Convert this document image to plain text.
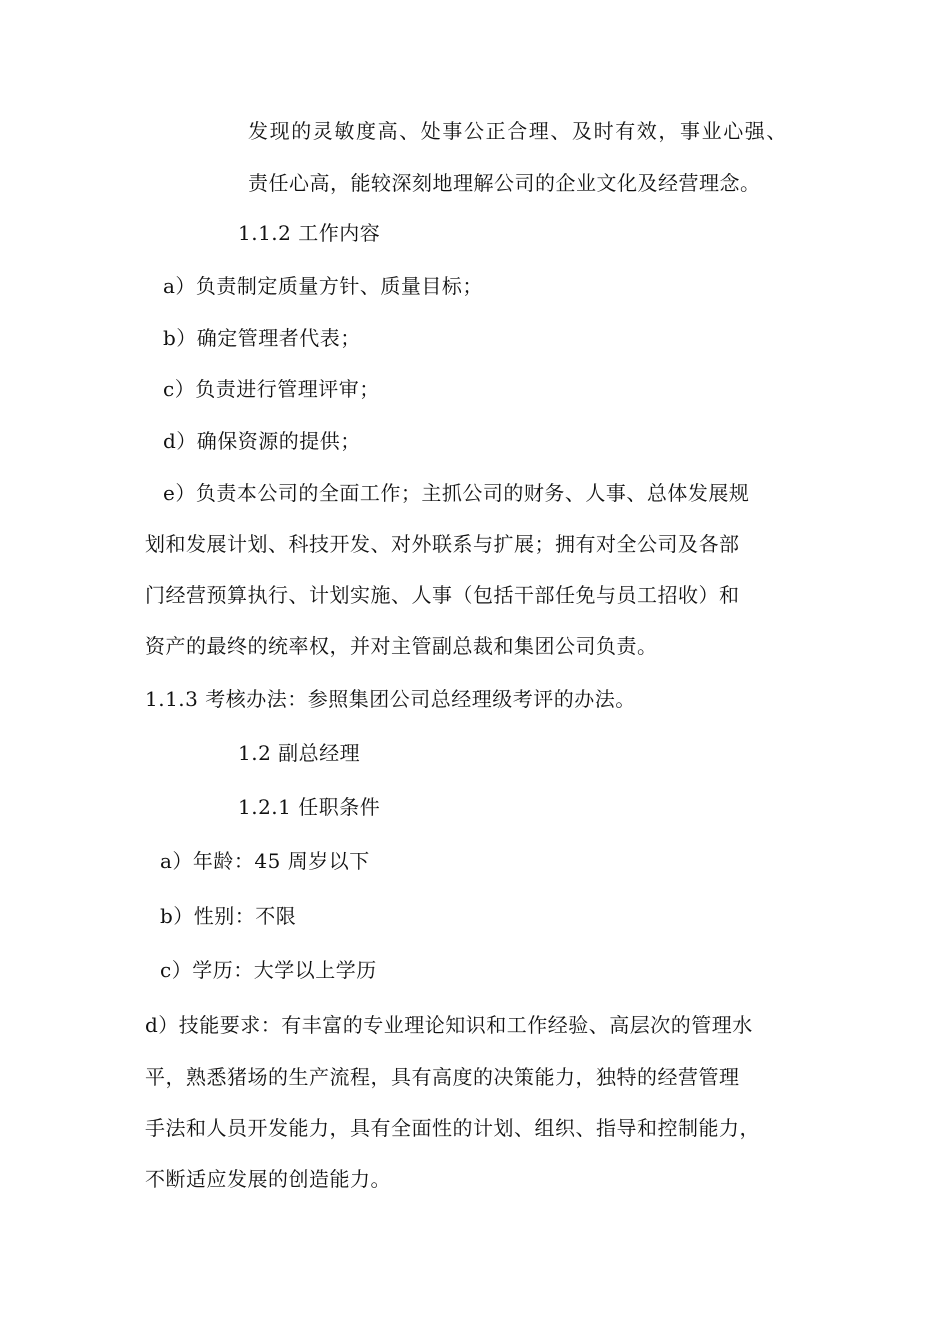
发现的灵敏度高、处事公正合理、及时有效，事业心强、
责任心高，能较深刻地理解公司的企业文化及经营理念。
1.1.2 工作内容
a）负责制定质量方针、质量目标；
b）确定管理者代表；
c）负责进行管理评审；
d）确保资源的提供；
e）负责本公司的全面工作；主抓公司的财务、人事、总体发展规
划和发展计划、科技开发、对外联系与扩展；拥有对全公司及各部
门经营预算执行、计划实施、人事（包括干部任免与员工招收）和
资产的最终的统率权，并对主管副总裁和集团公司负责。
1.1.3 考核办法：参照集团公司总经理级考评的办法。
1.2 副总经理
1.2.1 任职条件
a）年龄：45 周岁以下
b）性别：不限
c）学历：大学以上学历
d）技能要求：有丰富的专业理论知识和工作经验、高层次的管理水
平，熟悉猪场的生产流程，具有高度的决策能力，独特的经营管理
手法和人员开发能力，具有全面性的计划、组织、指导和控制能力，
不断适应发展的创造能力。
